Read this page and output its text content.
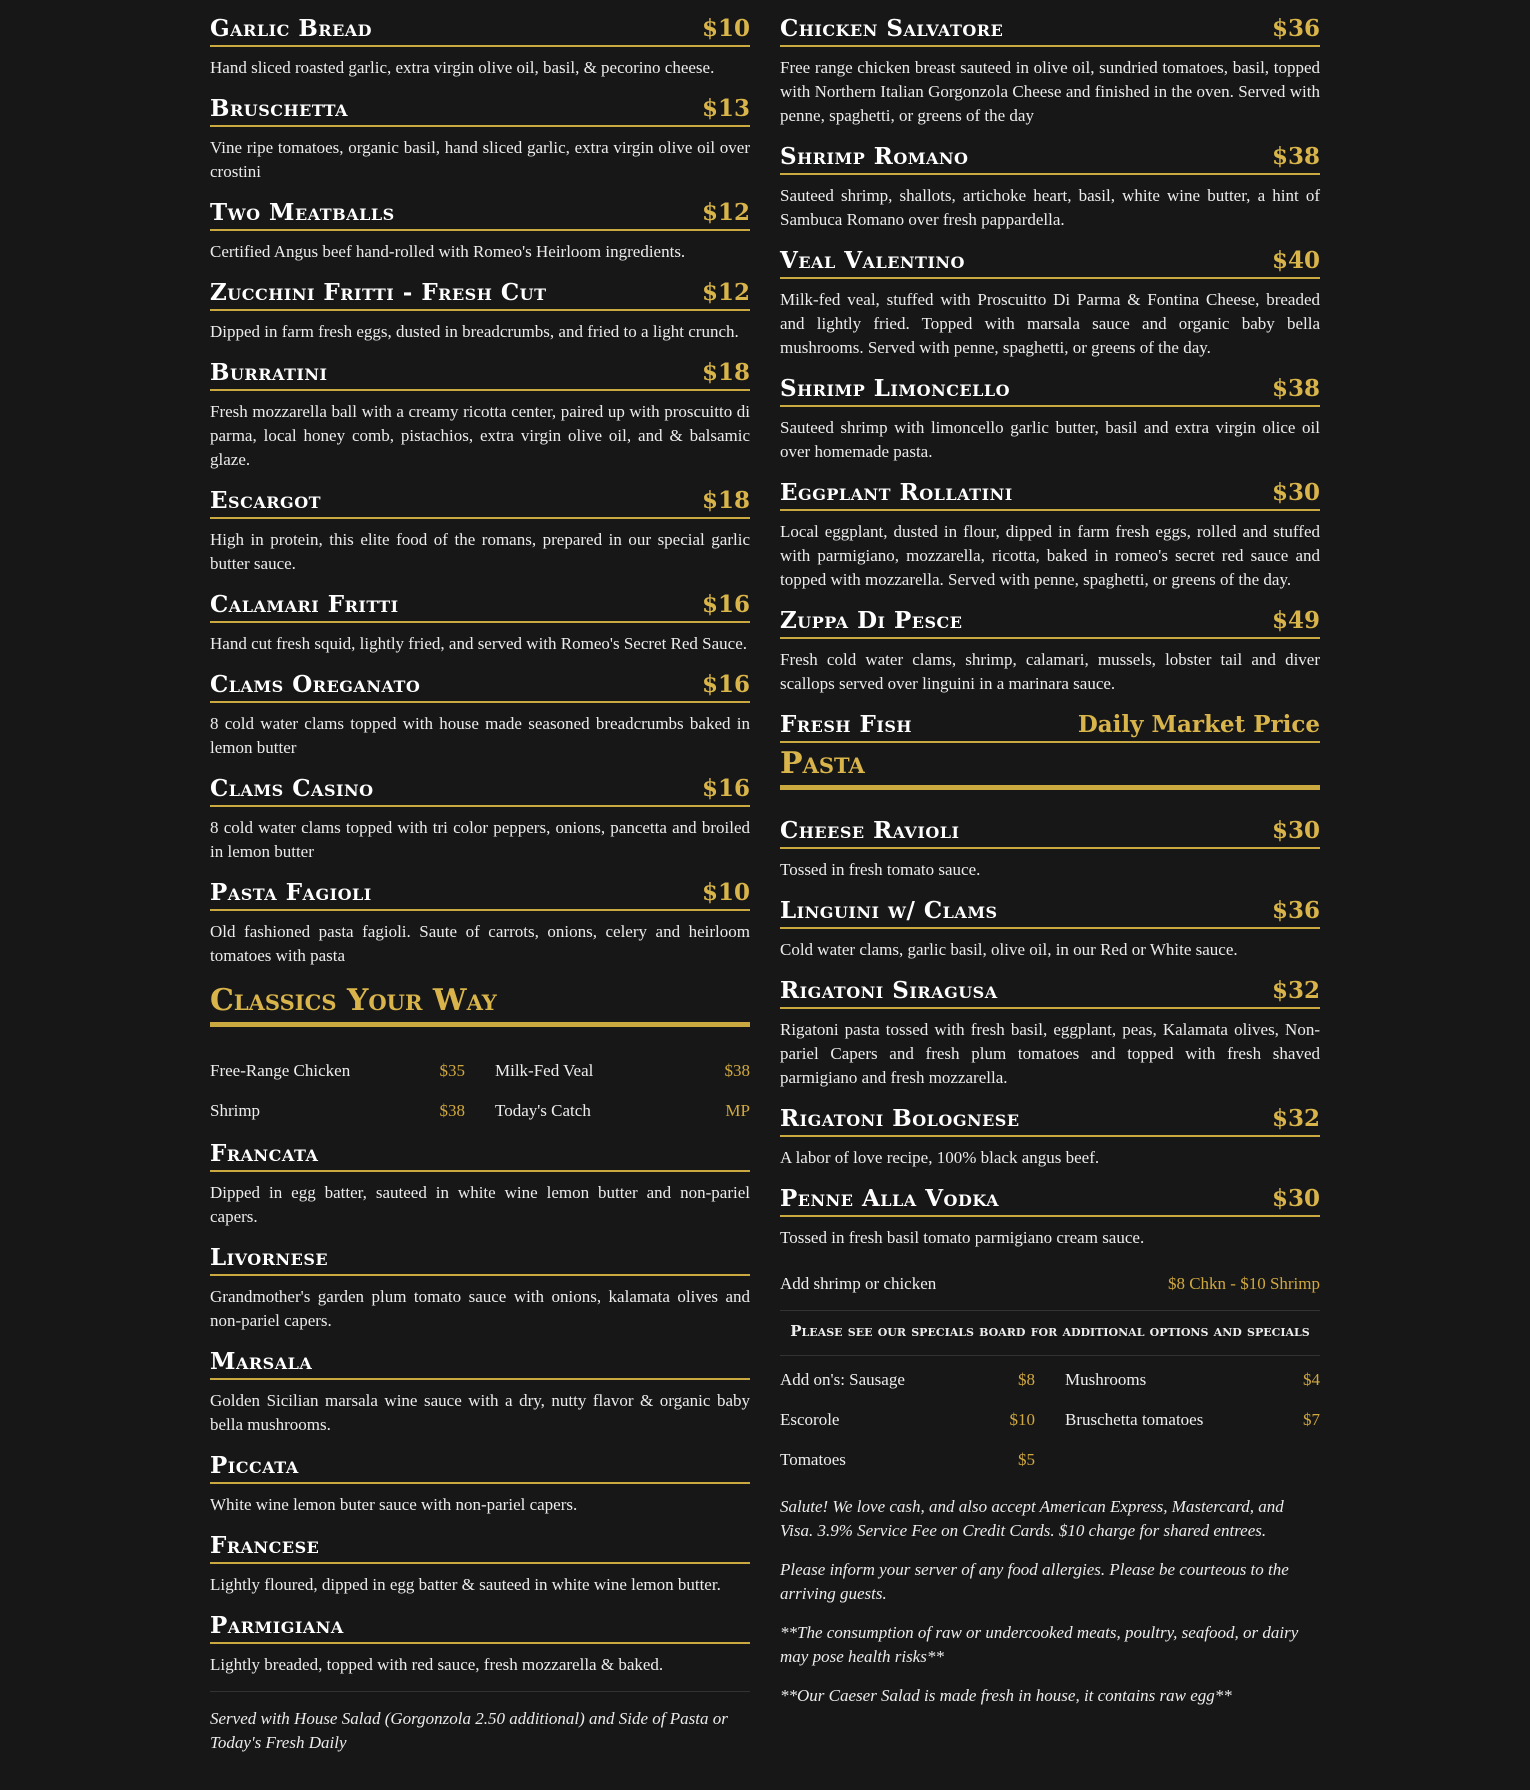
Garlic Bread	$10
Hand sliced roasted garlic, extra virgin olive oil, basil, & pecorino cheese.
Bruschetta	$13
Vine ripe tomatoes, organic basil, hand sliced garlic, extra virgin olive oil over crostini
Two Meatballs	$12
Certified Angus beef hand-rolled with Romeo's Heirloom ingredients.
Zucchini Fritti - Fresh Cut	$12
Dipped in farm fresh eggs, dusted in breadcrumbs, and fried to a light crunch.
Burratini	$18
Fresh mozzarella ball with a creamy ricotta center, paired up with proscuitto di parma, local honey comb, pistachios, extra virgin olive oil, and & balsamic glaze.
Escargot	$18
High in protein, this elite food of the romans, prepared in our special garlic butter sauce.
Calamari Fritti	$16
Hand cut fresh squid, lightly fried, and served with Romeo's Secret Red Sauce.
Clams Oreganato	$16
8 cold water clams topped with house made seasoned breadcrumbs baked in lemon butter
Clams Casino	$16
8 cold water clams topped with tri color peppers, onions, pancetta and broiled in lemon butter
Pasta Fagioli	$10
Old fashioned pasta fagioli. Saute of carrots, onions, celery and heirloom tomatoes with pasta
Classics Your Way
Free-Range Chicken	$35 Milk-Fed Veal	$38
Shrimp	$38 Today's Catch	MP
Francata
Dipped in egg batter, sauteed in white wine lemon butter and non-pariel capers.
Livornese
Grandmother's garden plum tomato sauce with onions, kalamata olives and non-pariel capers.
Marsala
Golden Sicilian marsala wine sauce with a dry, nutty flavor & organic baby bella mushrooms.
Piccata
White wine lemon buter sauce with non-pariel capers.
Francese
Lightly floured, dipped in egg batter & sauteed in white wine lemon butter.
Parmigiana
Lightly breaded, topped with red sauce, fresh mozzarella & baked.
Served with House Salad (Gorgonzola 2.50 additional) and Side of Pasta or Today's Fresh Daily
Chicken Salvatore	$36
Free range chicken breast sauteed in olive oil, sundried tomatoes, basil, topped with Northern Italian Gorgonzola Cheese and finished in the oven. Served with penne, spaghetti, or greens of the day
Shrimp Romano	$38
Sauteed shrimp, shallots, artichoke heart, basil, white wine butter, a hint of Sambuca Romano over fresh pappardella.
Veal Valentino	$40
Milk-fed veal, stuffed with Proscuitto Di Parma & Fontina Cheese, breaded and lightly fried. Topped with marsala sauce and organic baby bella mushrooms. Served with penne, spaghetti, or greens of the day.
Shrimp Limoncello	$38
Sauteed shrimp with limoncello garlic butter, basil and extra virgin olice oil over homemade pasta.
Eggplant Rollatini	$30
Local eggplant, dusted in flour, dipped in farm fresh eggs, rolled and stuffed with parmigiano, mozzarella, ricotta, baked in romeo's secret red sauce and topped with mozzarella. Served with penne, spaghetti, or greens of the day.
Zuppa Di Pesce	$49
Fresh cold water clams, shrimp, calamari, mussels, lobster tail and diver scallops served over linguini in a marinara sauce.
Fresh Fish	Daily Market Price
Pasta
Cheese Ravioli	$30
Tossed in fresh tomato sauce.
Linguini w/ Clams	$36
Cold water clams, garlic basil, olive oil, in our Red or White sauce.
Rigatoni Siragusa	$32
Rigatoni pasta tossed with fresh basil, eggplant, peas, Kalamata olives, Non-pariel Capers and fresh plum tomatoes and topped with fresh shaved parmigiano and fresh mozzarella.
Rigatoni Bolognese	$32
A labor of love recipe, 100% black angus beef.
Penne Alla Vodka	$30
Tossed in fresh basil tomato parmigiano cream sauce.
Add shrimp or chicken	$8 Chkn - $10 Shrimp
Please see our specials board for additional options and specials
Add on's: Sausage	$8 Mushrooms	$4
Escorole	$10 Bruschetta tomatoes	$7
Tomatoes	$5
Salute! We love cash, and also accept American Express, Mastercard, and Visa. 3.9% Service Fee on Credit Cards. $10 charge for shared entrees.
Please inform your server of any food allergies. Please be courteous to the arriving guests.
**The consumption of raw or undercooked meats, poultry, seafood, or dairy may pose health risks**
**Our Caeser Salad is made fresh in house, it contains raw egg**
